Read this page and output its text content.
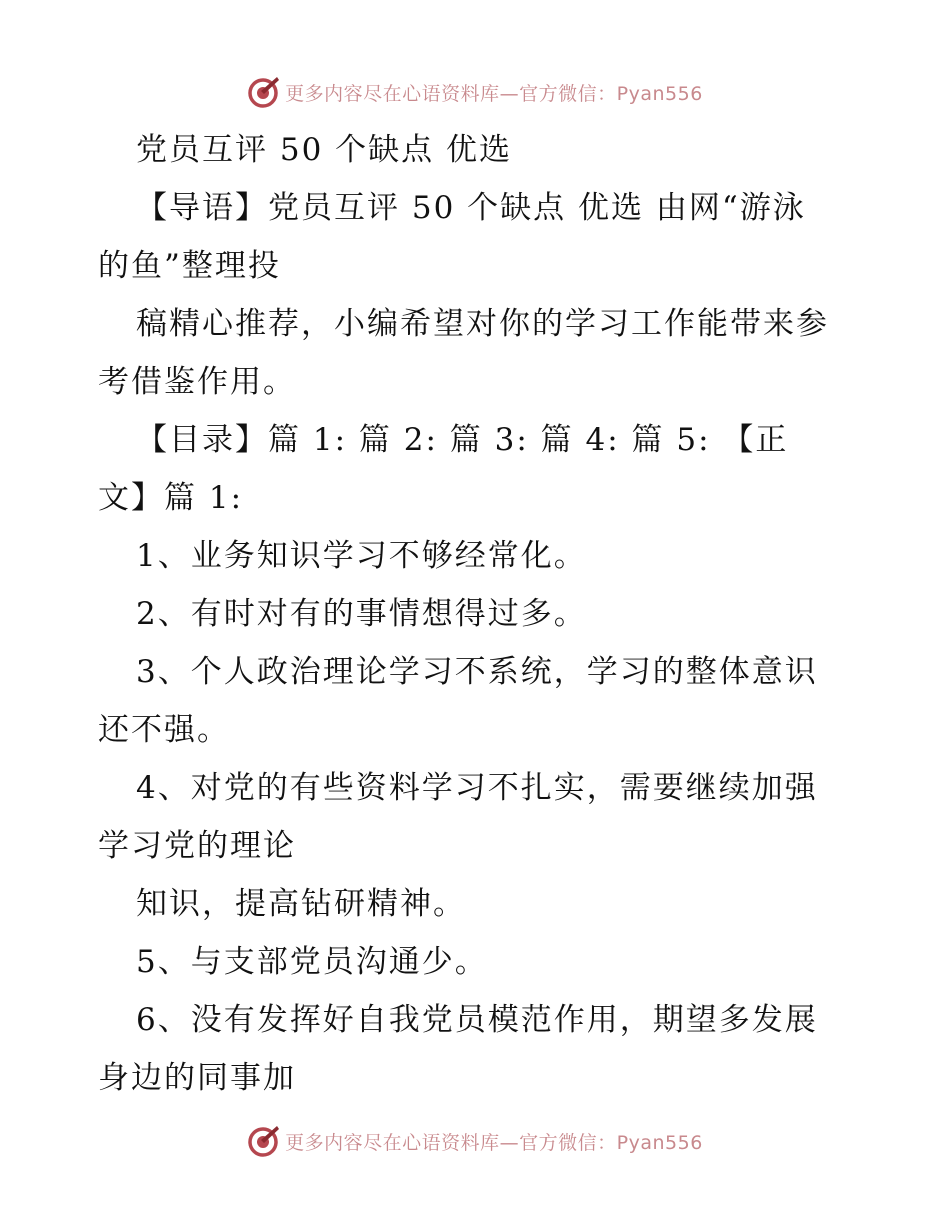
更多内容尽在心语资料库—官方微信：Pyan556
党员互评 50 个缺点 优选
【导语】党员互评 50 个缺点 优选 由网“游泳
的鱼”整理投
稿精心推荐，小编希望对你的学习工作能带来参
考借鉴作用。
【目录】篇 1: 篇 2: 篇 3: 篇 4: 篇 5: 【正
文】篇 1:
1、业务知识学习不够经常化。
2、有时对有的事情想得过多。
3、个人政治理论学习不系统，学习的整体意识
还不强。
4、对党的有些资料学习不扎实，需要继续加强
学习党的理论
知识，提高钻研精神。
5、与支部党员沟通少。
6、没有发挥好自我党员模范作用，期望多发展
身边的同事加
更多内容尽在心语资料库—官方微信：Pyan556
